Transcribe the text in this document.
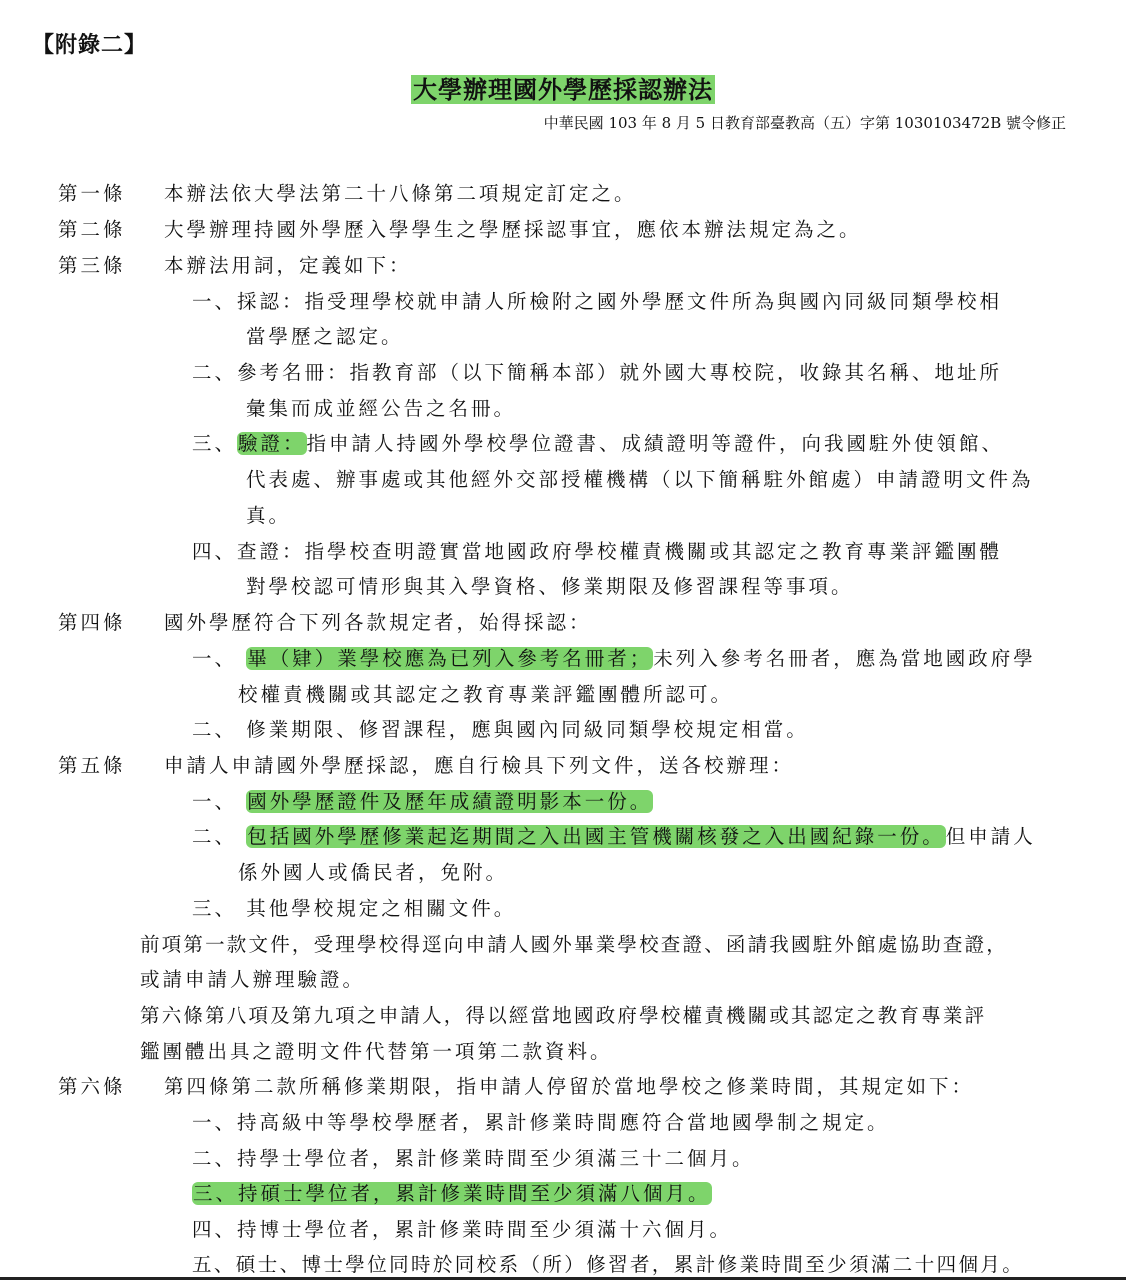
【附錄二】
大學辦理國外學歷採認辦法
中華民國 103 年 8 月 5 日教育部臺教高（五）字第 1030103472B 號令修正
第一條 本辦法依大學法第二十八條第二項規定訂定之。
第二條 大學辦理持國外學歷入學學生之學歷採認事宜，應依本辦法規定為之。
第三條 本辦法用詞，定義如下：
一、採認：指受理學校就申請人所檢附之國外學歷文件所為與國內同級同類學校相
當學歷之認定。
二、參考名冊：指教育部（以下簡稱本部）就外國大專校院，收錄其名稱、地址所
彙集而成並經公告之名冊。
三、驗證：指申請人持國外學校學位證書、成績證明等證件，向我國駐外使領館、
代表處、辦事處或其他經外交部授權機構（以下簡稱駐外館處）申請證明文件為
真。
四、查證：指學校查明證實當地國政府學校權責機關或其認定之教育專業評鑑團體
對學校認可情形與其入學資格、修業期限及修習課程等事項。
第四條 國外學歷符合下列各款規定者，始得採認：
一、 畢（肄）業學校應為已列入參考名冊者；未列入參考名冊者，應為當地國政府學
校權責機關或其認定之教育專業評鑑團體所認可。
二、 修業期限、修習課程，應與國內同級同類學校規定相當。
第五條 申請人申請國外學歷採認，應自行檢具下列文件，送各校辦理：
一、 國外學歷證件及歷年成績證明影本一份。
二、 包括國外學歷修業起迄期間之入出國主管機關核發之入出國紀錄一份。但申請人
係外國人或僑民者，免附。
三、 其他學校規定之相關文件。
前項第一款文件，受理學校得逕向申請人國外畢業學校查證、函請我國駐外館處協助查證，
或請申請人辦理驗證。
第六條第八項及第九項之申請人，得以經當地國政府學校權責機關或其認定之教育專業評
鑑團體出具之證明文件代替第一項第二款資料。
第六條 第四條第二款所稱修業期限，指申請人停留於當地學校之修業時間，其規定如下：
一、持高級中等學校學歷者，累計修業時間應符合當地國學制之規定。
二、持學士學位者，累計修業時間至少須滿三十二個月。
三、持碩士學位者，累計修業時間至少須滿八個月。
四、持博士學位者，累計修業時間至少須滿十六個月。
五、碩士、博士學位同時於同校系（所）修習者，累計修業時間至少須滿二十四個月。
